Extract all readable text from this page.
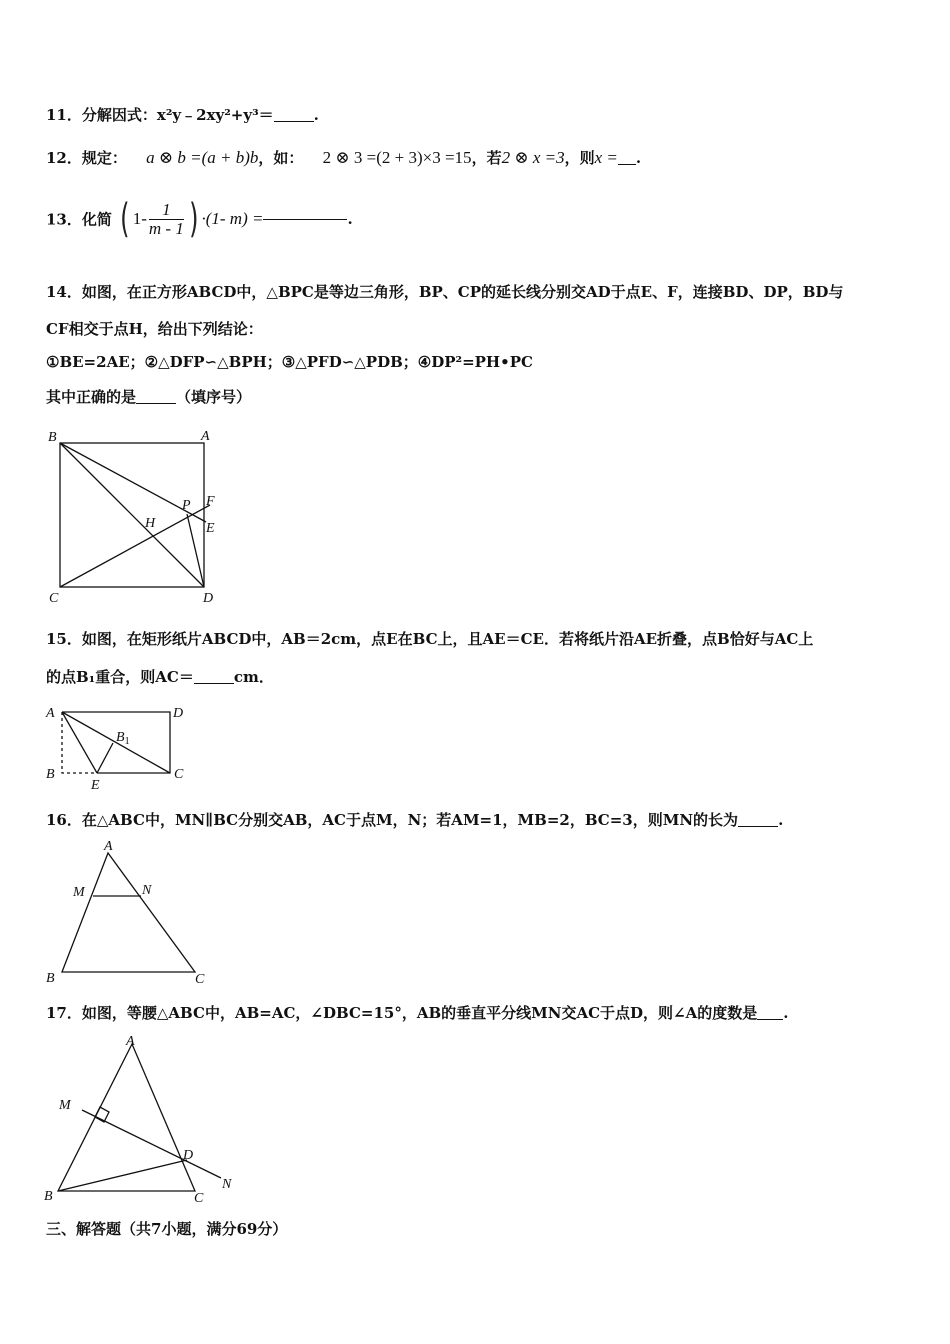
11．分解因式：x²y﹣2xy²+y³＝	.
12．规定： a ⊗ b =(a + b)b，如： 2 ⊗ 3 =(2 + 3)×3 =15，若2 ⊗ x =3，则x = .
13．化简 ( $1- \frac{1}{m - 1}$ ) ·(1- m) =	.
14．如图，在正方形ABCD中，△BPC是等边三角形，BP、CP的延长线分别交AD于点E、F，连接BD、DP，BD与
CF相交于点H，给出下列结论：
①BE=2AE；②△DFP∽△BPH；③△PFD∽△PDB；④DP²=PH•PC
其中正确的是	（填序号）
B	A
C	D
P F
E
H
15．如图，在矩形纸片ABCD中，AB＝2cm，点E在BC上，且AE＝CE．若将纸片沿AE折叠，点B恰好与AC上
的点B₁重合，则AC＝	cm．
A	D
$B_1$
B
E
C
16．在△ABC中，MN∥BC分别交AB，AC于点M，N；若AM=1，MB=2，BC=3，则MN的长为	.
A
M	N
B	C
17．如图，等腰△ABC中，AB=AC，∠DBC=15°，AB的垂直平分线MN交AC于点D，则∠A的度数是 .
A
M
D
N
B	C
三、解答题（共7小题，满分69分）
